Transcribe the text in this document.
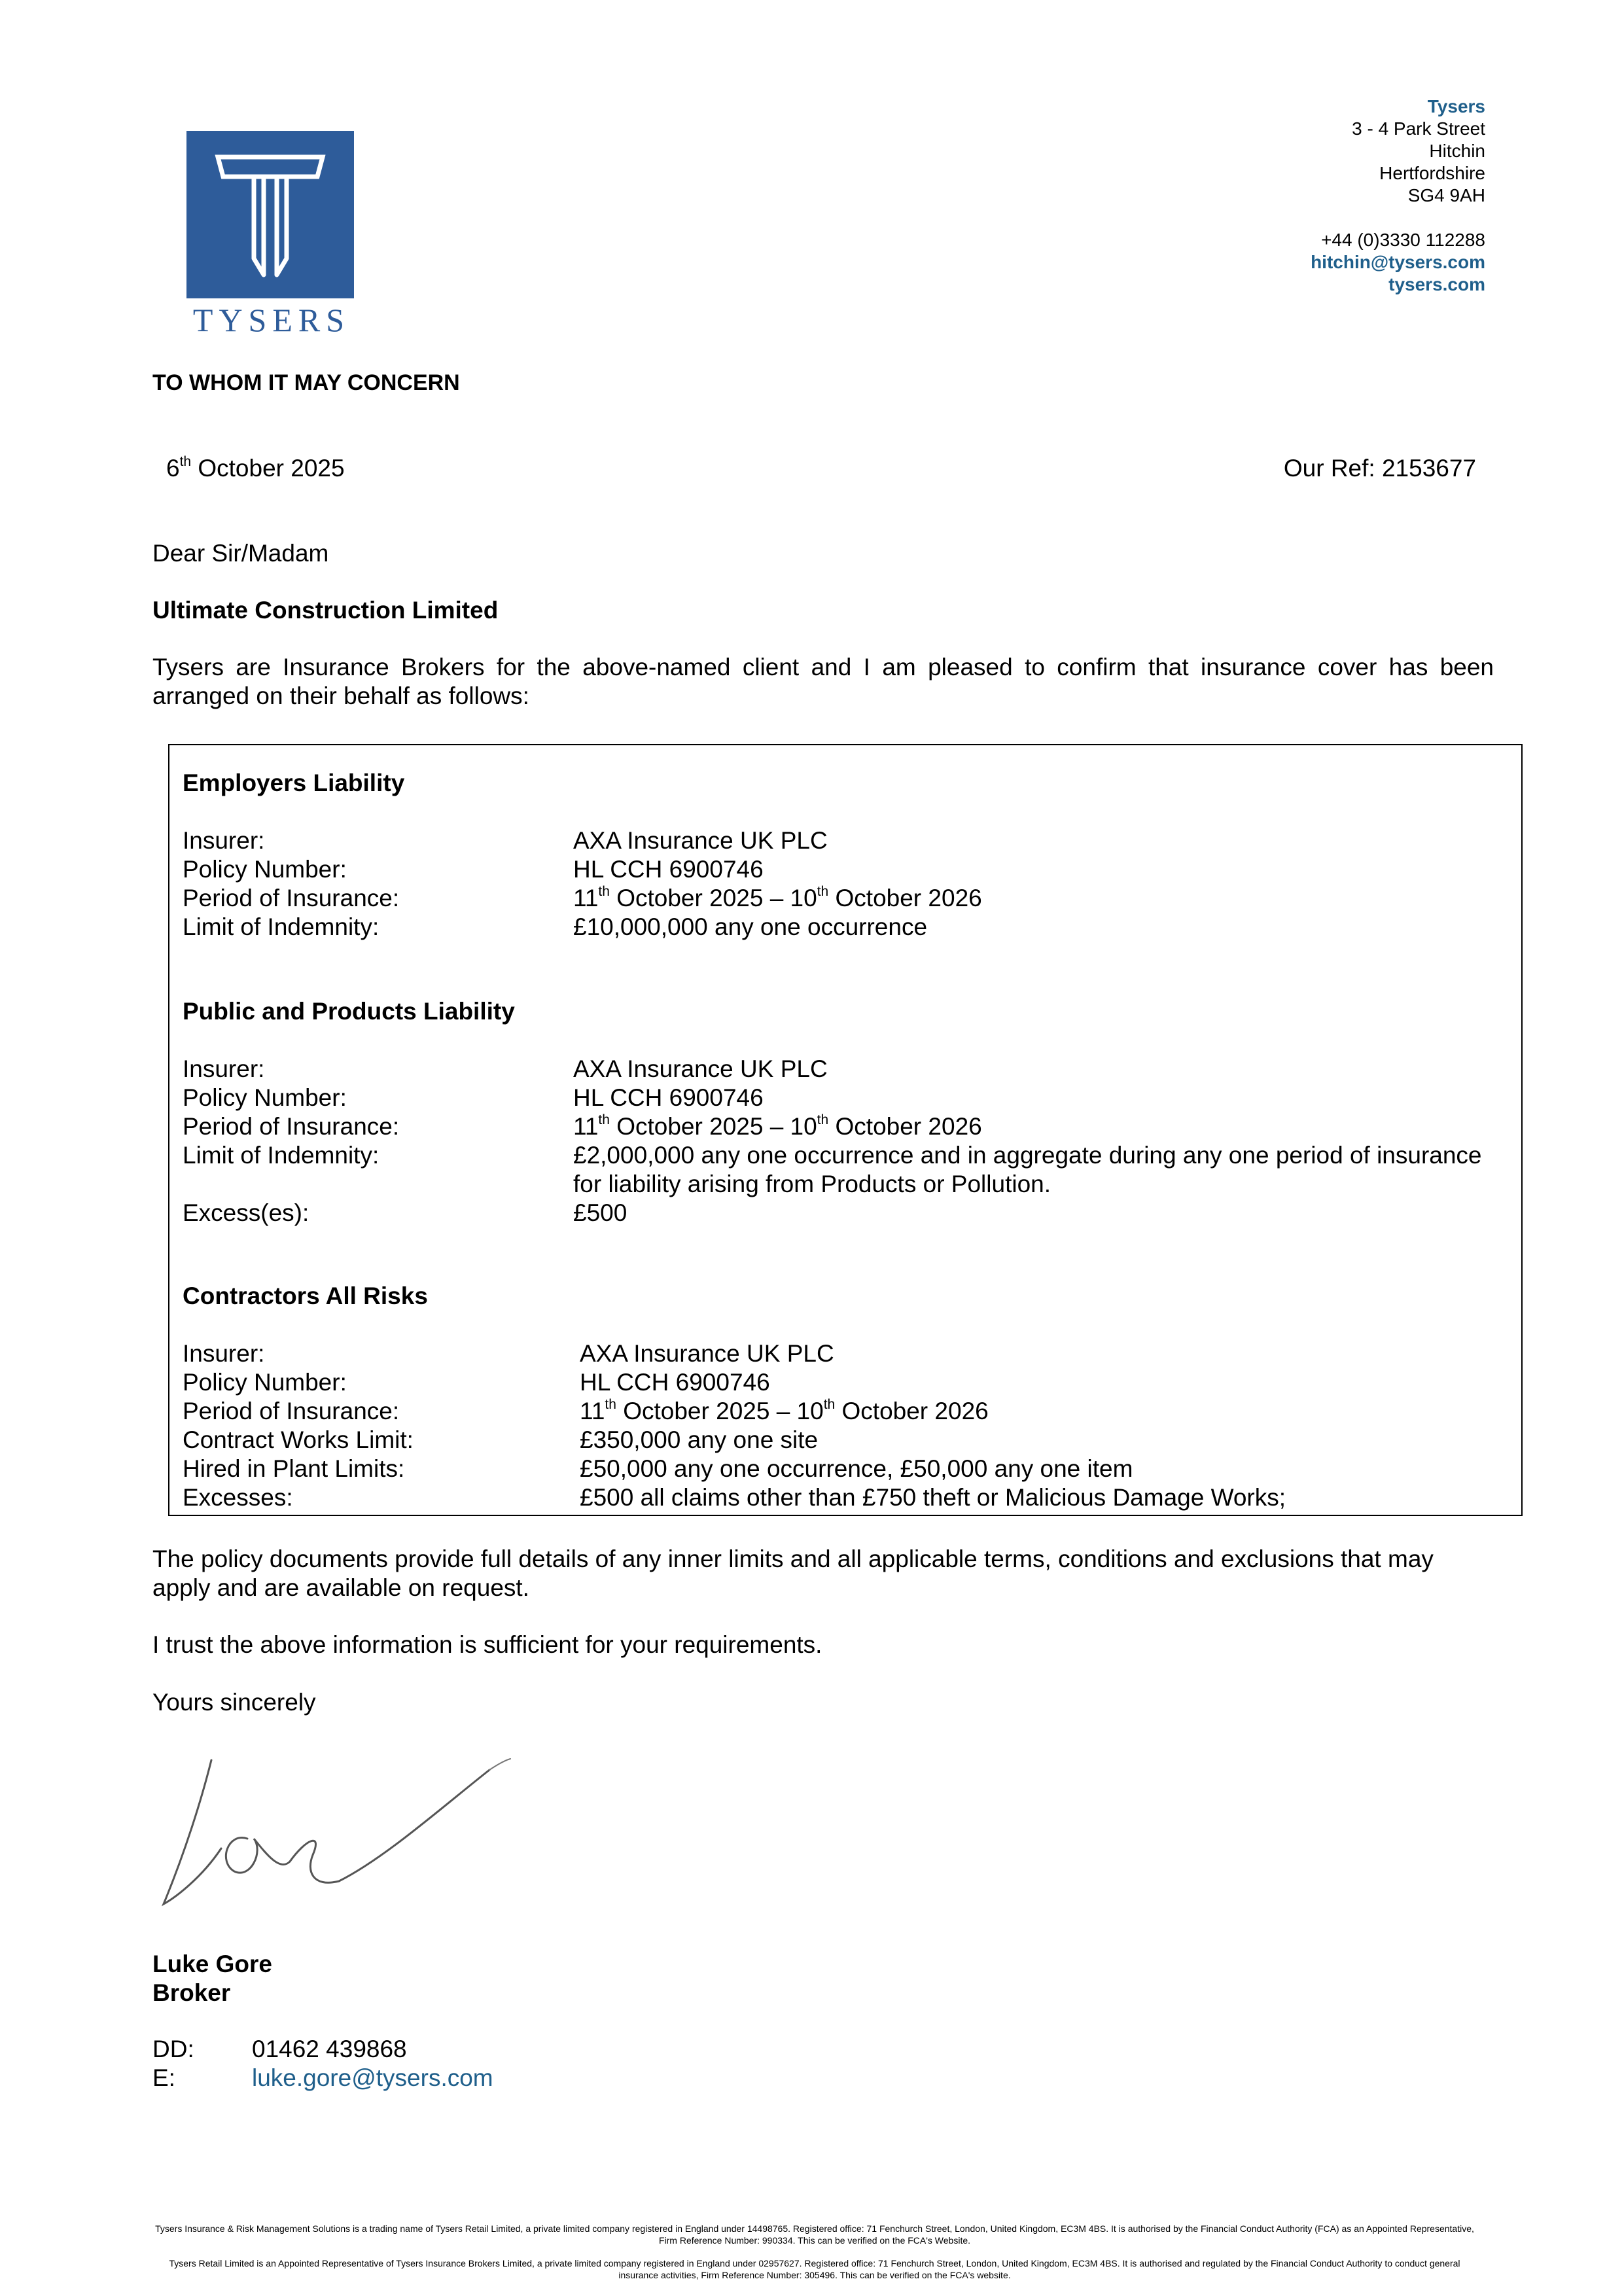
TYSERS
Tysers
3 - 4 Park Street
Hitchin
Hertfordshire
SG4 9AH
+44 (0)3330 112288
hitchin@tysers.com
tysers.com
TO WHOM IT MAY CONCERN
6th October 2025	Our Ref: 2153677
Dear Sir/Madam
Ultimate Construction Limited
Tysers are Insurance Brokers for the above-named client and I am pleased to confirm that insurance cover has been arranged on their behalf as follows:
Employers Liability
Insurer:	AXA Insurance UK PLC
Policy Number:	HL CCH 6900746
Period of Insurance:	11th October 2025 – 10th October 2026
Limit of Indemnity:	£10,000,000 any one occurrence
Public and Products Liability
Insurer:	AXA Insurance UK PLC
Policy Number:	HL CCH 6900746
Period of Insurance:	11th October 2025 – 10th October 2026
Limit of Indemnity:	£2,000,000 any one occurrence and in aggregate during any one period of insurance
for liability arising from Products or Pollution.
Excess(es):	£500
Contractors All Risks
Insurer:	AXA Insurance UK PLC
Policy Number:	HL CCH 6900746
Period of Insurance:	11th October 2025 – 10th October 2026
Contract Works Limit:	£350,000 any one site
Hired in Plant Limits:	£50,000 any one occurrence, £50,000 any one item
Excesses:	£500 all claims other than £750 theft or Malicious Damage Works;
The policy documents provide full details of any inner limits and all applicable terms, conditions and exclusions that may apply and are available on request.
I trust the above information is sufficient for your requirements.
Yours sincerely
Luke Gore
Broker
DD: 01462 439868
E:	luke.gore@tysers.com
Tysers Insurance & Risk Management Solutions is a trading name of Tysers Retail Limited, a private limited company registered in England under 14498765. Registered office: 71 Fenchurch Street, London, United Kingdom, EC3M 4BS. It is authorised by the Financial Conduct Authority (FCA) as an Appointed Representative, Firm Reference Number: 990334. This can be verified on the FCA's Website.
Tysers Retail Limited is an Appointed Representative of Tysers Insurance Brokers Limited, a private limited company registered in England under 02957627. Registered office: 71 Fenchurch Street, London, United Kingdom, EC3M 4BS. It is authorised and regulated by the Financial Conduct Authority to conduct general insurance activities, Firm Reference Number: 305496. This can be verified on the FCA's website.
